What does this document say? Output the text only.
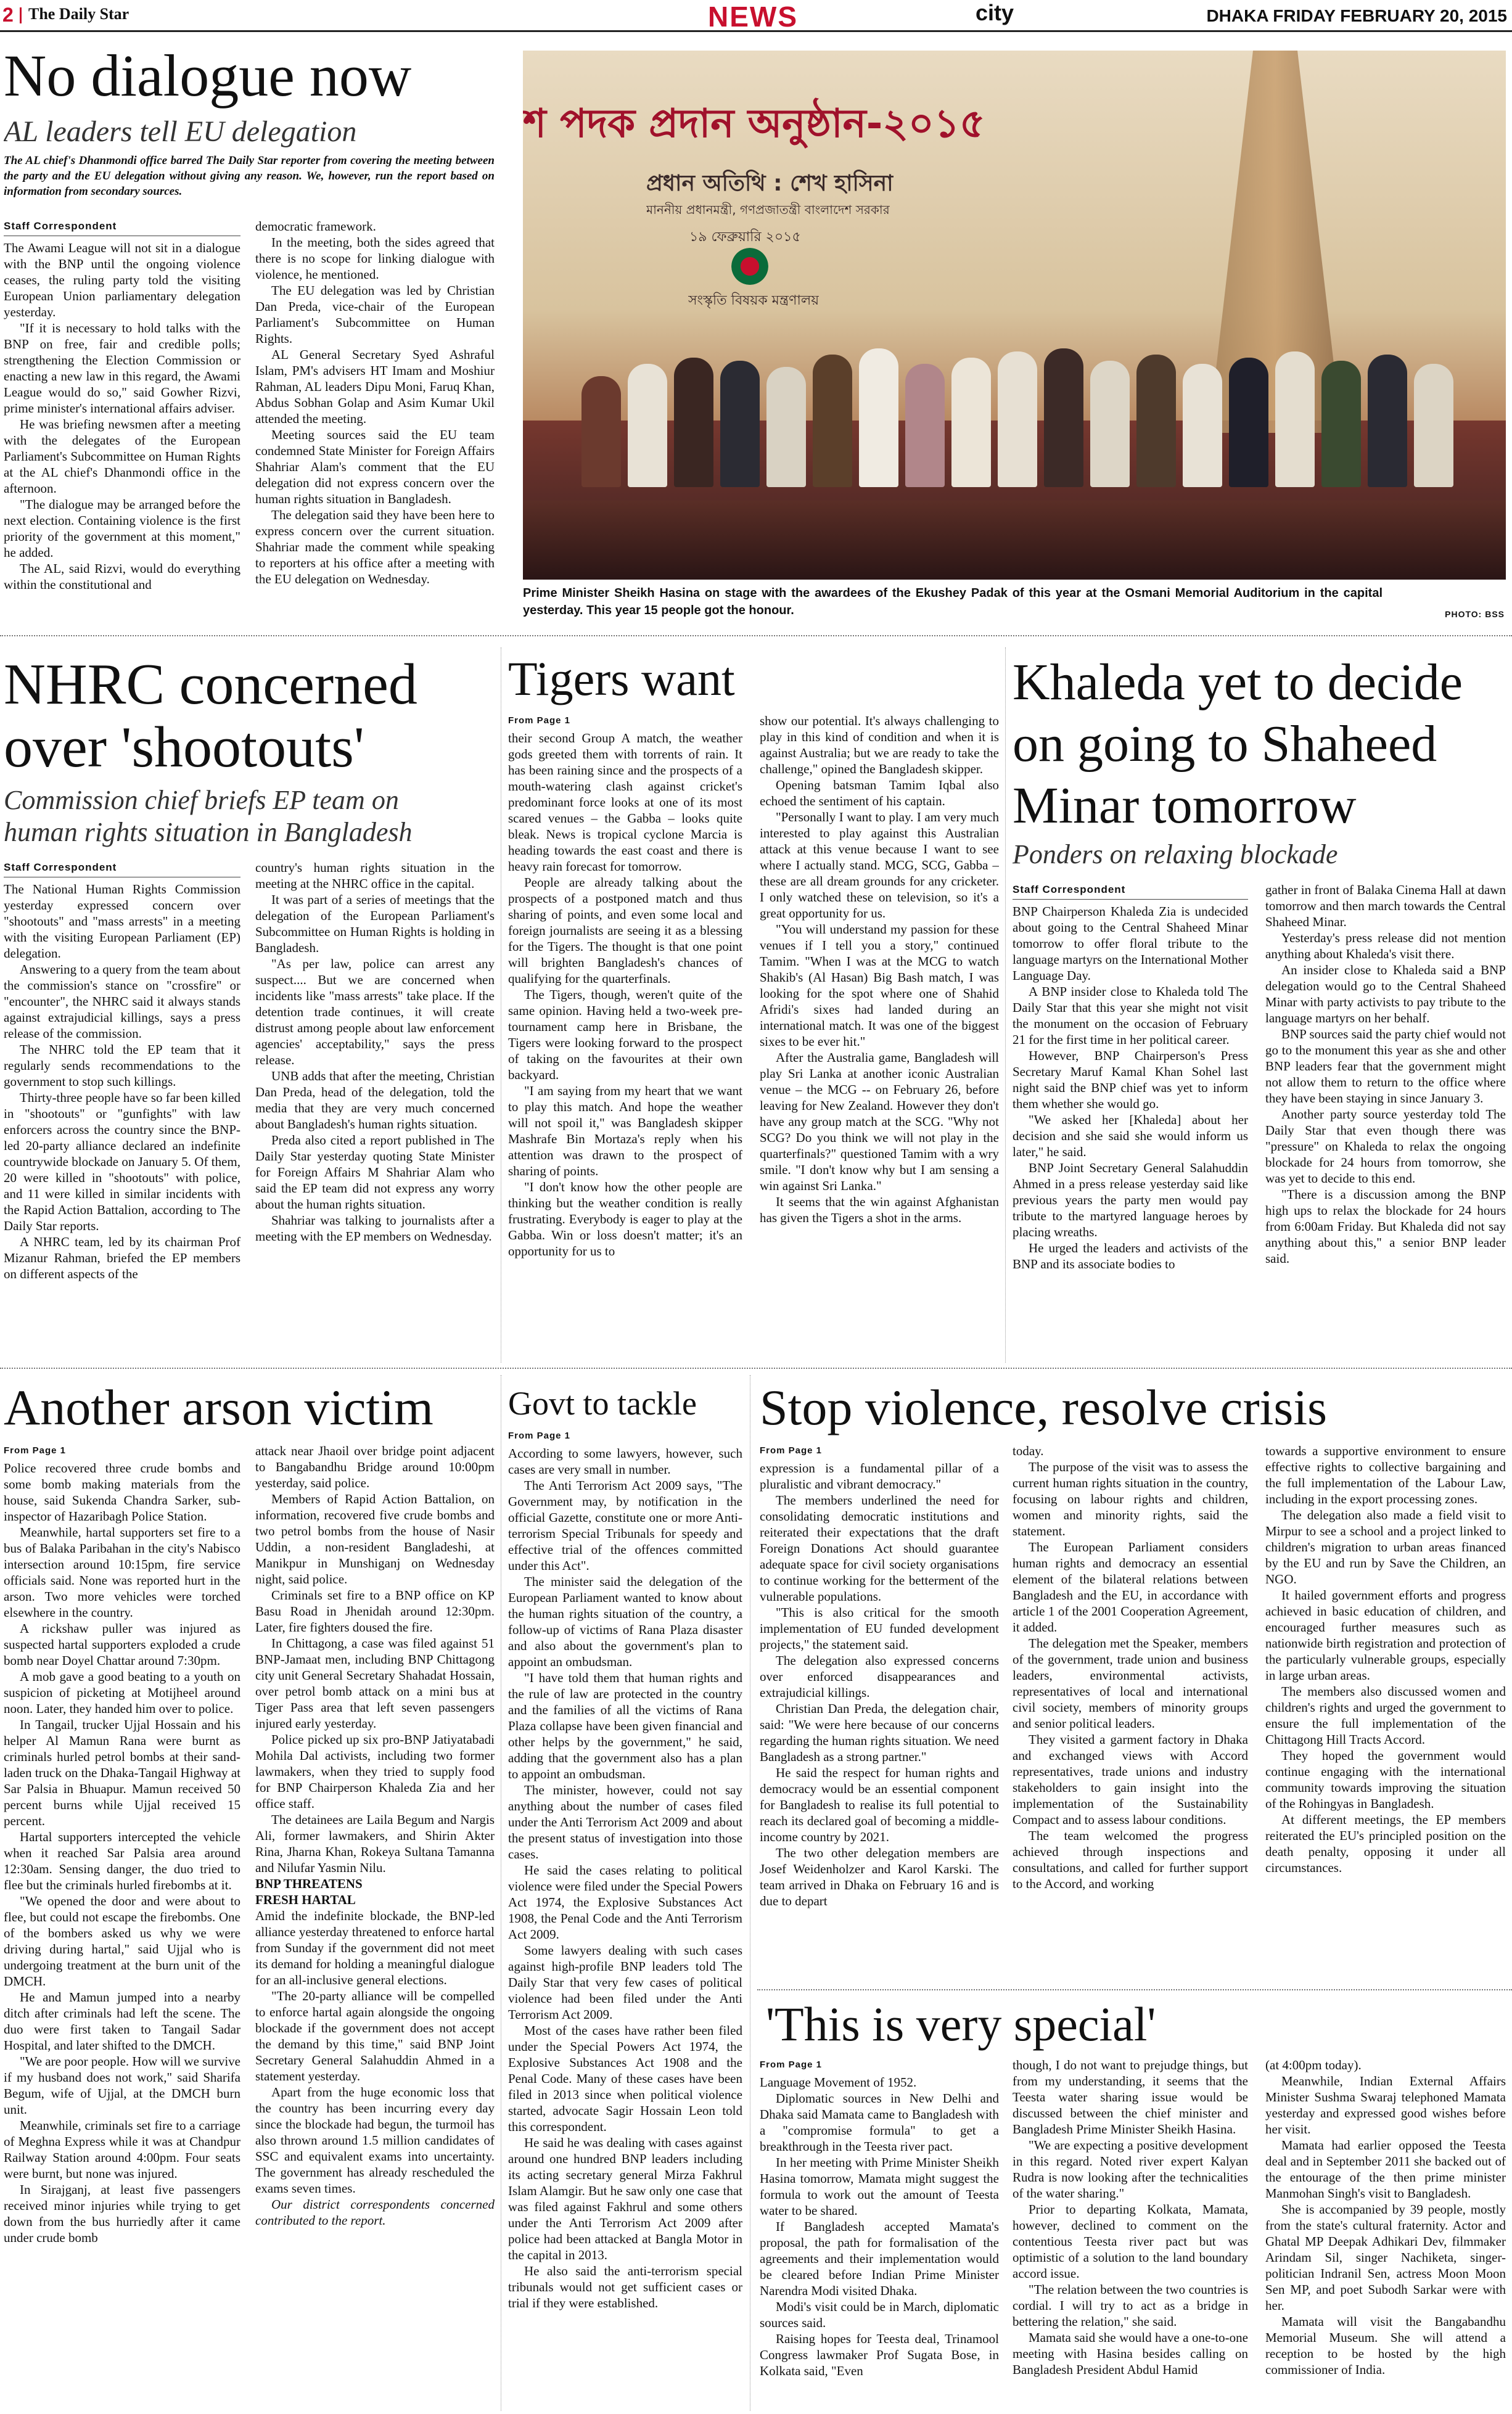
2 The Daily Star	NEWS	city	DHAKA FRIDAY FEBRUARY 20, 2015
No dialogue now
AL leaders tell EU delegation

The AL chief's Dhanmondi office barred The Daily Star reporter from covering the meeting between the party and the EU delegation without giving any reason. We, however, run the report based on information from secondary sources.

Staff Correspondent

The Awami League will not sit in a dialogue with the BNP until the ongoing violence ceases, the ruling party told the visiting European Union parliamentary delegation yesterday.

"If it is necessary to hold talks with the BNP on free, fair and credible polls; strengthening the Election Commission or enacting a new law in this regard, the Awami League would do so," said Gowher Rizvi, prime minister's international affairs adviser.

He was briefing newsmen after a meeting with the delegates of the European Parliament's Subcommittee on Human Rights at the AL chief's Dhanmondi office in the afternoon.

"The dialogue may be arranged before the next election. Containing violence is the first priority of the government at this moment," he added.

The AL, said Rizvi, would do everything within the constitutional and

democratic framework.

In the meeting, both the sides agreed that there is no scope for linking dialogue with violence, he mentioned.

The EU delegation was led by Christian Dan Preda, vice-chair of the European Parliament's Subcommittee on Human Rights.

AL General Secretary Syed Ashraful Islam, PM's advisers HT Imam and Moshiur Rahman, AL leaders Dipu Moni, Faruq Khan, Abdus Sobhan Golap and Asim Kumar Ukil attended the meeting.

Meeting sources said the EU team condemned State Minister for Foreign Affairs Shahriar Alam's comment that the EU delegation did not express concern over the human rights situation in Bangladesh.

The delegation said they have been here to express concern over the current situation. Shahriar made the comment while speaking to reporters at his office after a meeting with the EU delegation on Wednesday.

শ পদক প্রদান অনুষ্ঠান-২০১৫
প্রধান অতিথি : শেখ হাসিনা
মাননীয় প্রধানমন্ত্রী, গণপ্রজাতন্ত্রী বাংলাদেশ সরকার
১৯ ফেব্রুয়ারি ২০১৫
সংস্কৃতি বিষয়ক মন্ত্রণালয়

Prime Minister Sheikh Hasina on stage with the awardees of the Ekushey Padak of this year at the Osmani Memorial Auditorium in the capital yesterday. This year 15 people got the honour.	PHOTO: BSS
NHRC concerned
over 'shootouts'
Commission chief briefs EP team on
human rights situation in Bangladesh

Staff Correspondent

The National Human Rights Commission yesterday expressed concern over "shootouts" and "mass arrests" in a meeting with the visiting European Parliament (EP) delegation.

Answering to a query from the team about the commission's stance on "crossfire" or "encounter", the NHRC said it always stands against extrajudicial killings, says a press release of the commission.

The NHRC told the EP team that it regularly sends recommendations to the government to stop such killings.

Thirty-three people have so far been killed in "shootouts" or "gunfights" with law enforcers across the country since the BNP-led 20-party alliance declared an indefinite countrywide blockade on January 5. Of them, 20 were killed in "shootouts" with police, and 11 were killed in similar incidents with the Rapid Action Battalion, according to The Daily Star reports.

A NHRC team, led by its chairman Prof Mizanur Rahman, briefed the EP members on different aspects of the

country's human rights situation in the meeting at the NHRC office in the capital.

It was part of a series of meetings that the delegation of the European Parliament's Subcommittee on Human Rights is holding in Bangladesh.

"As per law, police can arrest any suspect.... But we are concerned when incidents like "mass arrests" take place. If the detention trade continues, it will create distrust among people about law enforcement agencies' acceptability," says the press release.

UNB adds that after the meeting, Christian Dan Preda, head of the delegation, told the media that they are very much concerned about Bangladesh's human rights situation.

Preda also cited a report published in The Daily Star yesterday quoting State Minister for Foreign Affairs M Shahriar Alam who said the EP team did not express any worry about the human rights situation.

Shahriar was talking to journalists after a meeting with the EP members on Wednesday.

Tigers want

From Page 1

their second Group A match, the weather gods greeted them with torrents of rain. It has been raining since and the prospects of a mouth-watering clash against cricket's predominant force looks at one of its most scared venues – the Gabba – looks quite bleak. News is tropical cyclone Marcia is heading towards the east coast and there is heavy rain forecast for tomorrow.

People are already talking about the prospects of a postponed match and thus sharing of points, and even some local and foreign journalists are seeing it as a blessing for the Tigers. The thought is that one point will brighten Bangladesh's chances of qualifying for the quarterfinals.

The Tigers, though, weren't quite of the same opinion. Having held a two-week pre-tournament camp here in Brisbane, the Tigers were looking forward to the prospect of taking on the favourites at their own backyard.

"I am saying from my heart that we want to play this match. And hope the weather will not spoil it," was Bangladesh skipper Mashrafe Bin Mortaza's reply when his attention was drawn to the prospect of sharing of points.

"I don't know how the other people are thinking but the weather condition is really frustrating. Everybody is eager to play at the Gabba. Win or loss doesn't matter; it's an opportunity for us to

show our potential. It's always challenging to play in this kind of condition and when it is against Australia; but we are ready to take the challenge," opined the Bangladesh skipper.

Opening batsman Tamim Iqbal also echoed the sentiment of his captain.

"Personally I want to play. I am very much interested to play against this Australian attack at this venue because I want to see where I actually stand. MCG, SCG, Gabba – these are all dream grounds for any cricketer. I only watched these on television, so it's a great opportunity for us.

"You will understand my passion for these venues if I tell you a story," continued Tamim. "When I was at the MCG to watch Shakib's (Al Hasan) Big Bash match, I was looking for the spot where one of Shahid Afridi's sixes had landed during an international match. It was one of the biggest sixes to be ever hit."

After the Australia game, Bangladesh will play Sri Lanka at another iconic Australian venue – the MCG -- on February 26, before leaving for New Zealand. However they don't have any group match at the SCG. "Why not SCG? Do you think we will not play in the quarterfinals?" questioned Tamim with a wry smile. "I don't know why but I am sensing a win against Sri Lanka."

It seems that the win against Afghanistan has given the Tigers a shot in the arms.

Khaleda yet to decide
on going to Shaheed
Minar tomorrow
Ponders on relaxing blockade

Staff Correspondent

BNP Chairperson Khaleda Zia is undecided about going to the Central Shaheed Minar tomorrow to offer floral tribute to the language martyrs on the International Mother Language Day.

A BNP insider close to Khaleda told The Daily Star that this year she might not visit the monument on the occasion of February 21 for the first time in her political career.

However, BNP Chairperson's Press Secretary Maruf Kamal Khan Sohel last night said the BNP chief was yet to inform them whether she would go.

"We asked her [Khaleda] about her decision and she said she would inform us later," he said.

BNP Joint Secretary General Salahuddin Ahmed in a press release yesterday said like previous years the party men would pay tribute to the martyred language heroes by placing wreaths.

He urged the leaders and activists of the BNP and its associate bodies to

gather in front of Balaka Cinema Hall at dawn tomorrow and then march towards the Central Shaheed Minar.

Yesterday's press release did not mention anything about Khaleda's visit there.

An insider close to Khaleda said a BNP delegation would go to the Central Shaheed Minar with party activists to pay tribute to the language martyrs on her behalf.

BNP sources said the party chief would not go to the monument this year as she and other BNP leaders fear that the government might not allow them to return to the office where they have been staying in since January 3.

Another party source yesterday told The Daily Star that even though there was "pressure" on Khaleda to relax the ongoing blockade for 24 hours from tomorrow, she was yet to decide to this end.

"There is a discussion among the BNP high ups to relax the blockade for 24 hours from 6:00am Friday. But Khaleda did not say anything about this," a senior BNP leader said.

Another arson victim

From Page 1

Police recovered three crude bombs and some bomb making materials from the house, said Sukenda Chandra Sarker, sub-inspector of Hazaribagh Police Station.

Meanwhile, hartal supporters set fire to a bus of Balaka Paribahan in the city's Nabisco intersection around 10:15pm, fire service officials said. None was reported hurt in the arson. Two more vehicles were torched elsewhere in the country.

A rickshaw puller was injured as suspected hartal supporters exploded a crude bomb near Doyel Chattar around 7:30pm.

A mob gave a good beating to a youth on suspicion of picketing at Motijheel around noon. Later, they handed him over to police.

In Tangail, trucker Ujjal Hossain and his helper Al Mamun Rana were burnt as criminals hurled petrol bombs at their sand-laden truck on the Dhaka-Tangail Highway at Sar Palsia in Bhuapur. Mamun received 50 percent burns while Ujjal received 15 percent.

Hartal supporters intercepted the vehicle when it reached Sar Palsia area around 12:30am. Sensing danger, the duo tried to flee but the criminals hurled firebombs at it.

"We opened the door and were about to flee, but could not escape the firebombs. One of the bombers asked us why we were driving during hartal," said Ujjal who is undergoing treatment at the burn unit of the DMCH.

He and Mamun jumped into a nearby ditch after criminals had left the scene. The duo were first taken to Tangail Sadar Hospital, and later shifted to the DMCH.

"We are poor people. How will we survive if my husband does not work," said Sharifa Begum, wife of Ujjal, at the DMCH burn unit.

Meanwhile, criminals set fire to a carriage of Meghna Express while it was at Chandpur Railway Station around 4:00pm. Four seats were burnt, but none was injured.

In Sirajganj, at least five passengers received minor injuries while trying to get down from the bus hurriedly after it came under crude bomb

attack near Jhaoil over bridge point adjacent to Bangabandhu Bridge around 10:00pm yesterday, said police.

Members of Rapid Action Battalion, on information, recovered five crude bombs and two petrol bombs from the house of Nasir Uddin, a non-resident Bangladeshi, at Manikpur in Munshiganj on Wednesday night, said police.

Criminals set fire to a BNP office on KP Basu Road in Jhenidah around 12:30pm. Later, fire fighters doused the fire.

In Chittagong, a case was filed against 51 BNP-Jamaat men, including BNP Chittagong city unit General Secretary Shahadat Hossain, over petrol bomb attack on a mini bus at Tiger Pass area that left seven passengers injured early yesterday.

Police picked up six pro-BNP Jatiyatabadi Mohila Dal activists, including two former lawmakers, when they tried to supply food for BNP Chairperson Khaleda Zia and her office staff.

The detainees are Laila Begum and Nargis Ali, former lawmakers, and Shirin Akter Rina, Jharna Khan, Rokeya Sultana Tamanna and Nilufar Yasmin Nilu.

BNP THREATENS

FRESH HARTAL

Amid the indefinite blockade, the BNP-led alliance yesterday threatened to enforce hartal from Sunday if the government did not meet its demand for holding a meaningful dialogue for an all-inclusive general elections.

"The 20-party alliance will be compelled to enforce hartal again alongside the ongoing blockade if the government does not accept the demand by this time," said BNP Joint Secretary General Salahuddin Ahmed in a statement yesterday.

Apart from the huge economic loss that the country has been incurring every day since the blockade had begun, the turmoil has also thrown around 1.5 million candidates of SSC and equivalent exams into uncertainty. The government has already rescheduled the exams seven times.

Our district correspondents concerned contributed to the report.

Govt to tackle

From Page 1

According to some lawyers, however, such cases are very small in number.

The Anti Terrorism Act 2009 says, "The Government may, by notification in the official Gazette, constitute one or more Anti-terrorism Special Tribunals for speedy and effective trial of the offences committed under this Act".

The minister said the delegation of the European Parliament wanted to know about the human rights situation of the country, a follow-up of victims of Rana Plaza disaster and also about the government's plan to appoint an ombudsman.

"I have told them that human rights and the rule of law are protected in the country and the families of all the victims of Rana Plaza collapse have been given financial and other helps by the government," he said, adding that the government also has a plan to appoint an ombudsman.

The minister, however, could not say anything about the number of cases filed under the Anti Terrorism Act 2009 and about the present status of investigation into those cases.

He said the cases relating to political violence were filed under the Special Powers Act 1974, the Explosive Substances Act 1908, the Penal Code and the Anti Terrorism Act 2009.

Some lawyers dealing with such cases against high-profile BNP leaders told The Daily Star that very few cases of political violence had been filed under the Anti Terrorism Act 2009.

Most of the cases have rather been filed under the Special Powers Act 1974, the Explosive Substances Act 1908 and the Penal Code. Many of these cases have been filed in 2013 since when political violence started, advocate Sagir Hossain Leon told this correspondent.

He said he was dealing with cases against around one hundred BNP leaders including its acting secretary general Mirza Fakhrul Islam Alamgir. But he saw only one case that was filed against Fakhrul and some others under the Anti Terrorism Act 2009 after police had been attacked at Bangla Motor in the capital in 2013.

He also said the anti-terrorism special tribunals would not get sufficient cases or trial if they were established.

Stop violence, resolve crisis

From Page 1

expression is a fundamental pillar of a pluralistic and vibrant democracy."

The members underlined the need for consolidating democratic institutions and reiterated their expectations that the draft Foreign Donations Act should guarantee adequate space for civil society organisations to continue working for the betterment of the vulnerable populations.

"This is also critical for the smooth implementation of EU funded development projects," the statement said.

The delegation also expressed concerns over enforced disappearances and extrajudicial killings.

Christian Dan Preda, the delegation chair, said: "We were here because of our concerns regarding the human rights situation. We need Bangladesh as a strong partner."

He said the respect for human rights and democracy would be an essential component for Bangladesh to realise its full potential to reach its declared goal of becoming a middle-income country by 2021.

The two other delegation members are Josef Weidenholzer and Karol Karski. The team arrived in Dhaka on February 16 and is due to depart

today.

The purpose of the visit was to assess the current human rights situation in the country, focusing on labour rights and children, women and minority rights, said the statement.

The European Parliament considers human rights and democracy an essential element of the bilateral relations between Bangladesh and the EU, in accordance with article 1 of the 2001 Cooperation Agreement, it added.

The delegation met the Speaker, members of the government, trade union and business leaders, environmental activists, representatives of local and international civil society, members of minority groups and senior political leaders.

They visited a garment factory in Dhaka and exchanged views with Accord representatives, trade unions and industry stakeholders to gain insight into the implementation of the Sustainability Compact and to assess labour conditions.

The team welcomed the progress achieved through inspections and consultations, and called for further support to the Accord, and working

towards a supportive environment to ensure effective rights to collective bargaining and the full implementation of the Labour Law, including in the export processing zones.

The delegation also made a field visit to Mirpur to see a school and a project linked to children's migration to urban areas financed by the EU and run by Save the Children, an NGO.

It hailed government efforts and progress achieved in basic education of children, and encouraged further measures such as nationwide birth registration and protection of the particularly vulnerable groups, especially in large urban areas.

The members also discussed women and children's rights and urged the government to ensure the full implementation of the Chittagong Hill Tracts Accord.

They hoped the government would continue engaging with the international community towards improving the situation of the Rohingyas in Bangladesh.

At different meetings, the EP members reiterated the EU's principled position on the death penalty, opposing it under all circumstances.

'This is very special'

From Page 1

Language Movement of 1952.

Diplomatic sources in New Delhi and Dhaka said Mamata came to Bangladesh with a "compromise formula" to get a breakthrough in the Teesta river pact.

In her meeting with Prime Minister Sheikh Hasina tomorrow, Mamata might suggest the formula to work out the amount of Teesta water to be shared.

If Bangladesh accepted Mamata's proposal, the path for formalisation of the agreements and their implementation would be cleared before Indian Prime Minister Narendra Modi visited Dhaka.

Modi's visit could be in March, diplomatic sources said.

Raising hopes for Teesta deal, Trinamool Congress lawmaker Prof Sugata Bose, in Kolkata said, "Even

though, I do not want to prejudge things, but from my understanding, it seems that the Teesta water sharing issue would be discussed between the chief minister and Bangladesh Prime Minister Sheikh Hasina.

"We are expecting a positive development in this regard. Noted river expert Kalyan Rudra is now looking after the technicalities of the water sharing."

Prior to departing Kolkata, Mamata, however, declined to comment on the contentious Teesta river pact but was optimistic of a solution to the land boundary accord issue.

"The relation between the two countries is cordial. I will try to act as a bridge in bettering the relation," she said.

Mamata said she would have a one-to-one meeting with Hasina besides calling on Bangladesh President Abdul Hamid

(at 4:00pm today).

Meanwhile, Indian External Affairs Minister Sushma Swaraj telephoned Mamata yesterday and expressed good wishes before her visit.

Mamata had earlier opposed the Teesta deal and in September 2011 she backed out of the entourage of the then prime minister Manmohan Singh's visit to Bangladesh.

She is accompanied by 39 people, mostly from the state's cultural fraternity. Actor and Ghatal MP Deepak Adhikari Dev, filmmaker Arindam Sil, singer Nachiketa, singer-politician Indranil Sen, actress Moon Moon Sen MP, and poet Subodh Sarkar were with her.

Mamata will visit the Bangabandhu Memorial Museum. She will attend a reception to be hosted by the high commissioner of India.
